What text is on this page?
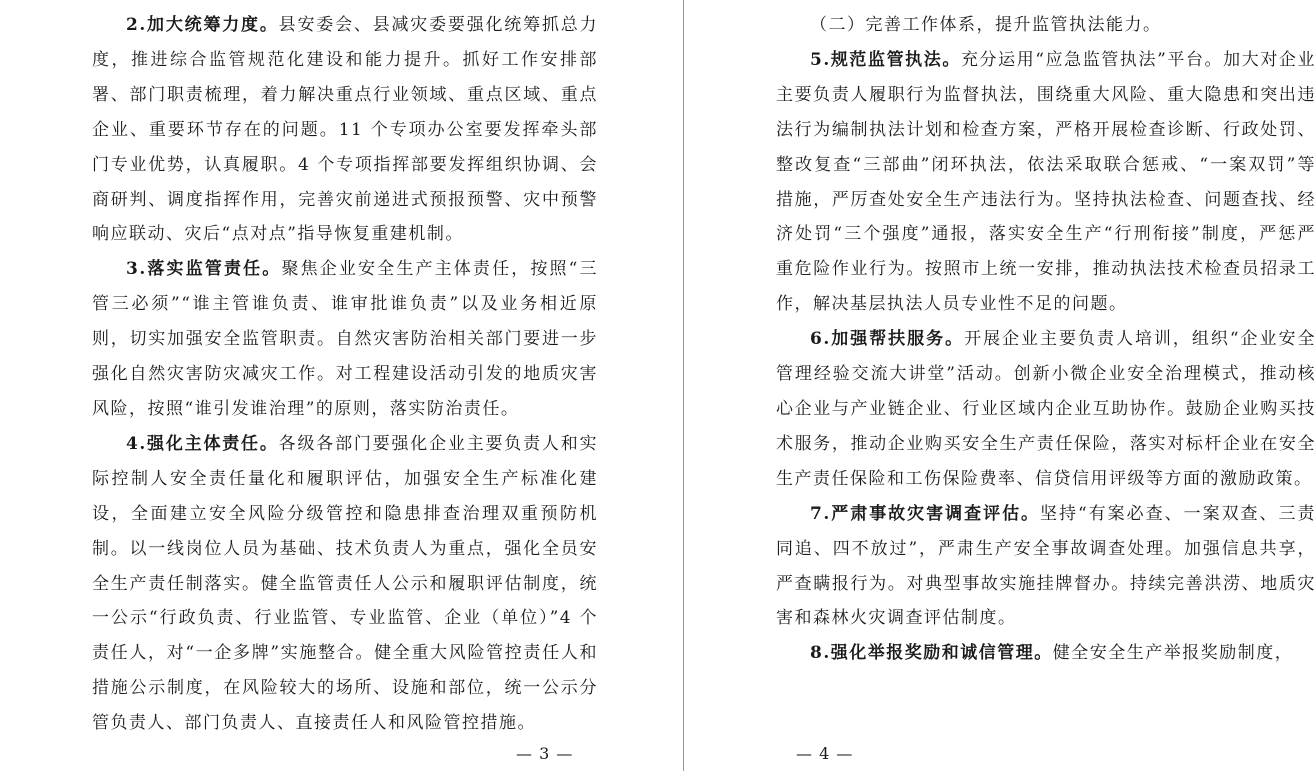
2.加大统筹力度。县安委会、县减灾委要强化统筹抓总力度，推进综合监管规范化建设和能力提升。抓好工作安排部署、部门职责梳理，着力解决重点行业领域、重点区域、重点企业、重要环节存在的问题。11 个专项办公室要发挥牵头部门专业优势，认真履职。4 个专项指挥部要发挥组织协调、会商研判、调度指挥作用，完善灾前递进式预报预警、灾中预警响应联动、灾后“点对点”指导恢复重建机制。

3.落实监管责任。聚焦企业安全生产主体责任，按照“三管三必须”“谁主管谁负责、谁审批谁负责”以及业务相近原则，切实加强安全监管职责。自然灾害防治相关部门要进一步强化自然灾害防灾减灾工作。对工程建设活动引发的地质灾害风险，按照“谁引发谁治理”的原则，落实防治责任。

4.强化主体责任。各级各部门要强化企业主要负责人和实际控制人安全责任量化和履职评估，加强安全生产标准化建设，全面建立安全风险分级管控和隐患排查治理双重预防机制。以一线岗位人员为基础、技术负责人为重点，强化全员安全生产责任制落实。健全监管责任人公示和履职评估制度，统一公示“行政负责、行业监管、专业监管、企业（单位）”4 个责任人，对“一企多牌”实施整合。健全重大风险管控责任人和措施公示制度，在风险较大的场所、设施和部位，统一公示分管负责人、部门负责人、直接责任人和风险管控措施。

— 3 —

（二）完善工作体系，提升监管执法能力。

5.规范监管执法。充分运用“应急监管执法”平台。加大对企业主要负责人履职行为监督执法，围绕重大风险、重大隐患和突出违法行为编制执法计划和检查方案，严格开展检查诊断、行政处罚、整改复查“三部曲”闭环执法，依法采取联合惩戒、“一案双罚”等措施，严厉查处安全生产违法行为。坚持执法检查、问题查找、经济处罚“三个强度”通报，落实安全生产“行刑衔接”制度，严惩严重危险作业行为。按照市上统一安排，推动执法技术检查员招录工作，解决基层执法人员专业性不足的问题。

6.加强帮扶服务。开展企业主要负责人培训，组织“企业安全管理经验交流大讲堂”活动。创新小微企业安全治理模式，推动核心企业与产业链企业、行业区域内企业互助协作。鼓励企业购买技术服务，推动企业购买安全生产责任保险，落实对标杆企业在安全生产责任保险和工伤保险费率、信贷信用评级等方面的激励政策。

7.严肃事故灾害调查评估。坚持“有案必查、一案双查、三责同追、四不放过”，严肃生产安全事故调查处理。加强信息共享，严查瞒报行为。对典型事故实施挂牌督办。持续完善洪涝、地质灾害和森林火灾调查评估制度。

8.强化举报奖励和诚信管理。健全安全生产举报奖励制度，

— 4 —
